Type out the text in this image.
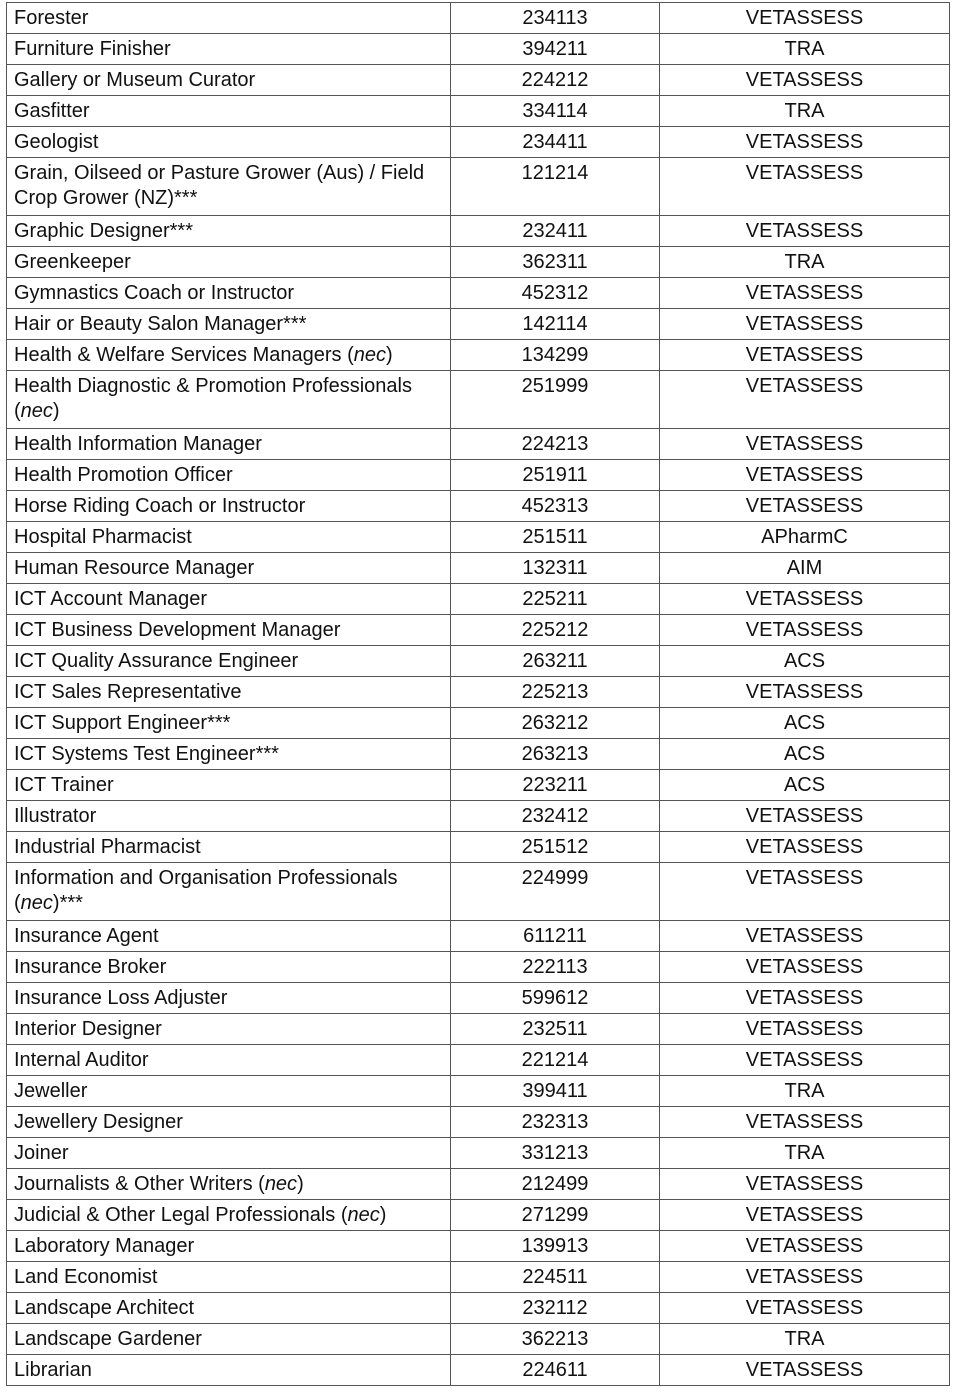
Forester	234113	VETASSESS
Furniture Finisher	394211	TRA
Gallery or Museum Curator	224212	VETASSESS
Gasfitter	334114	TRA
Geologist	234411	VETASSESS
Grain, Oilseed or Pasture Grower (Aus) / Field Crop Grower (NZ)***	121214	VETASSESS
Graphic Designer***	232411	VETASSESS
Greenkeeper	362311	TRA
Gymnastics Coach or Instructor	452312	VETASSESS
Hair or Beauty Salon Manager***	142114	VETASSESS
Health & Welfare Services Managers (nec)	134299	VETASSESS
Health Diagnostic & Promotion Professionals (nec)	251999	VETASSESS
Health Information Manager	224213	VETASSESS
Health Promotion Officer	251911	VETASSESS
Horse Riding Coach or Instructor	452313	VETASSESS
Hospital Pharmacist	251511	APharmC
Human Resource Manager	132311	AIM
ICT Account Manager	225211	VETASSESS
ICT Business Development Manager	225212	VETASSESS
ICT Quality Assurance Engineer	263211	ACS
ICT Sales Representative	225213	VETASSESS
ICT Support Engineer***	263212	ACS
ICT Systems Test Engineer***	263213	ACS
ICT Trainer	223211	ACS
Illustrator	232412	VETASSESS
Industrial Pharmacist	251512	VETASSESS
Information and Organisation Professionals (nec)***	224999	VETASSESS
Insurance Agent	611211	VETASSESS
Insurance Broker	222113	VETASSESS
Insurance Loss Adjuster	599612	VETASSESS
Interior Designer	232511	VETASSESS
Internal Auditor	221214	VETASSESS
Jeweller	399411	TRA
Jewellery Designer	232313	VETASSESS
Joiner	331213	TRA
Journalists & Other Writers (nec)	212499	VETASSESS
Judicial & Other Legal Professionals (nec)	271299	VETASSESS
Laboratory Manager	139913	VETASSESS
Land Economist	224511	VETASSESS
Landscape Architect	232112	VETASSESS
Landscape Gardener	362213	TRA
Librarian	224611	VETASSESS
